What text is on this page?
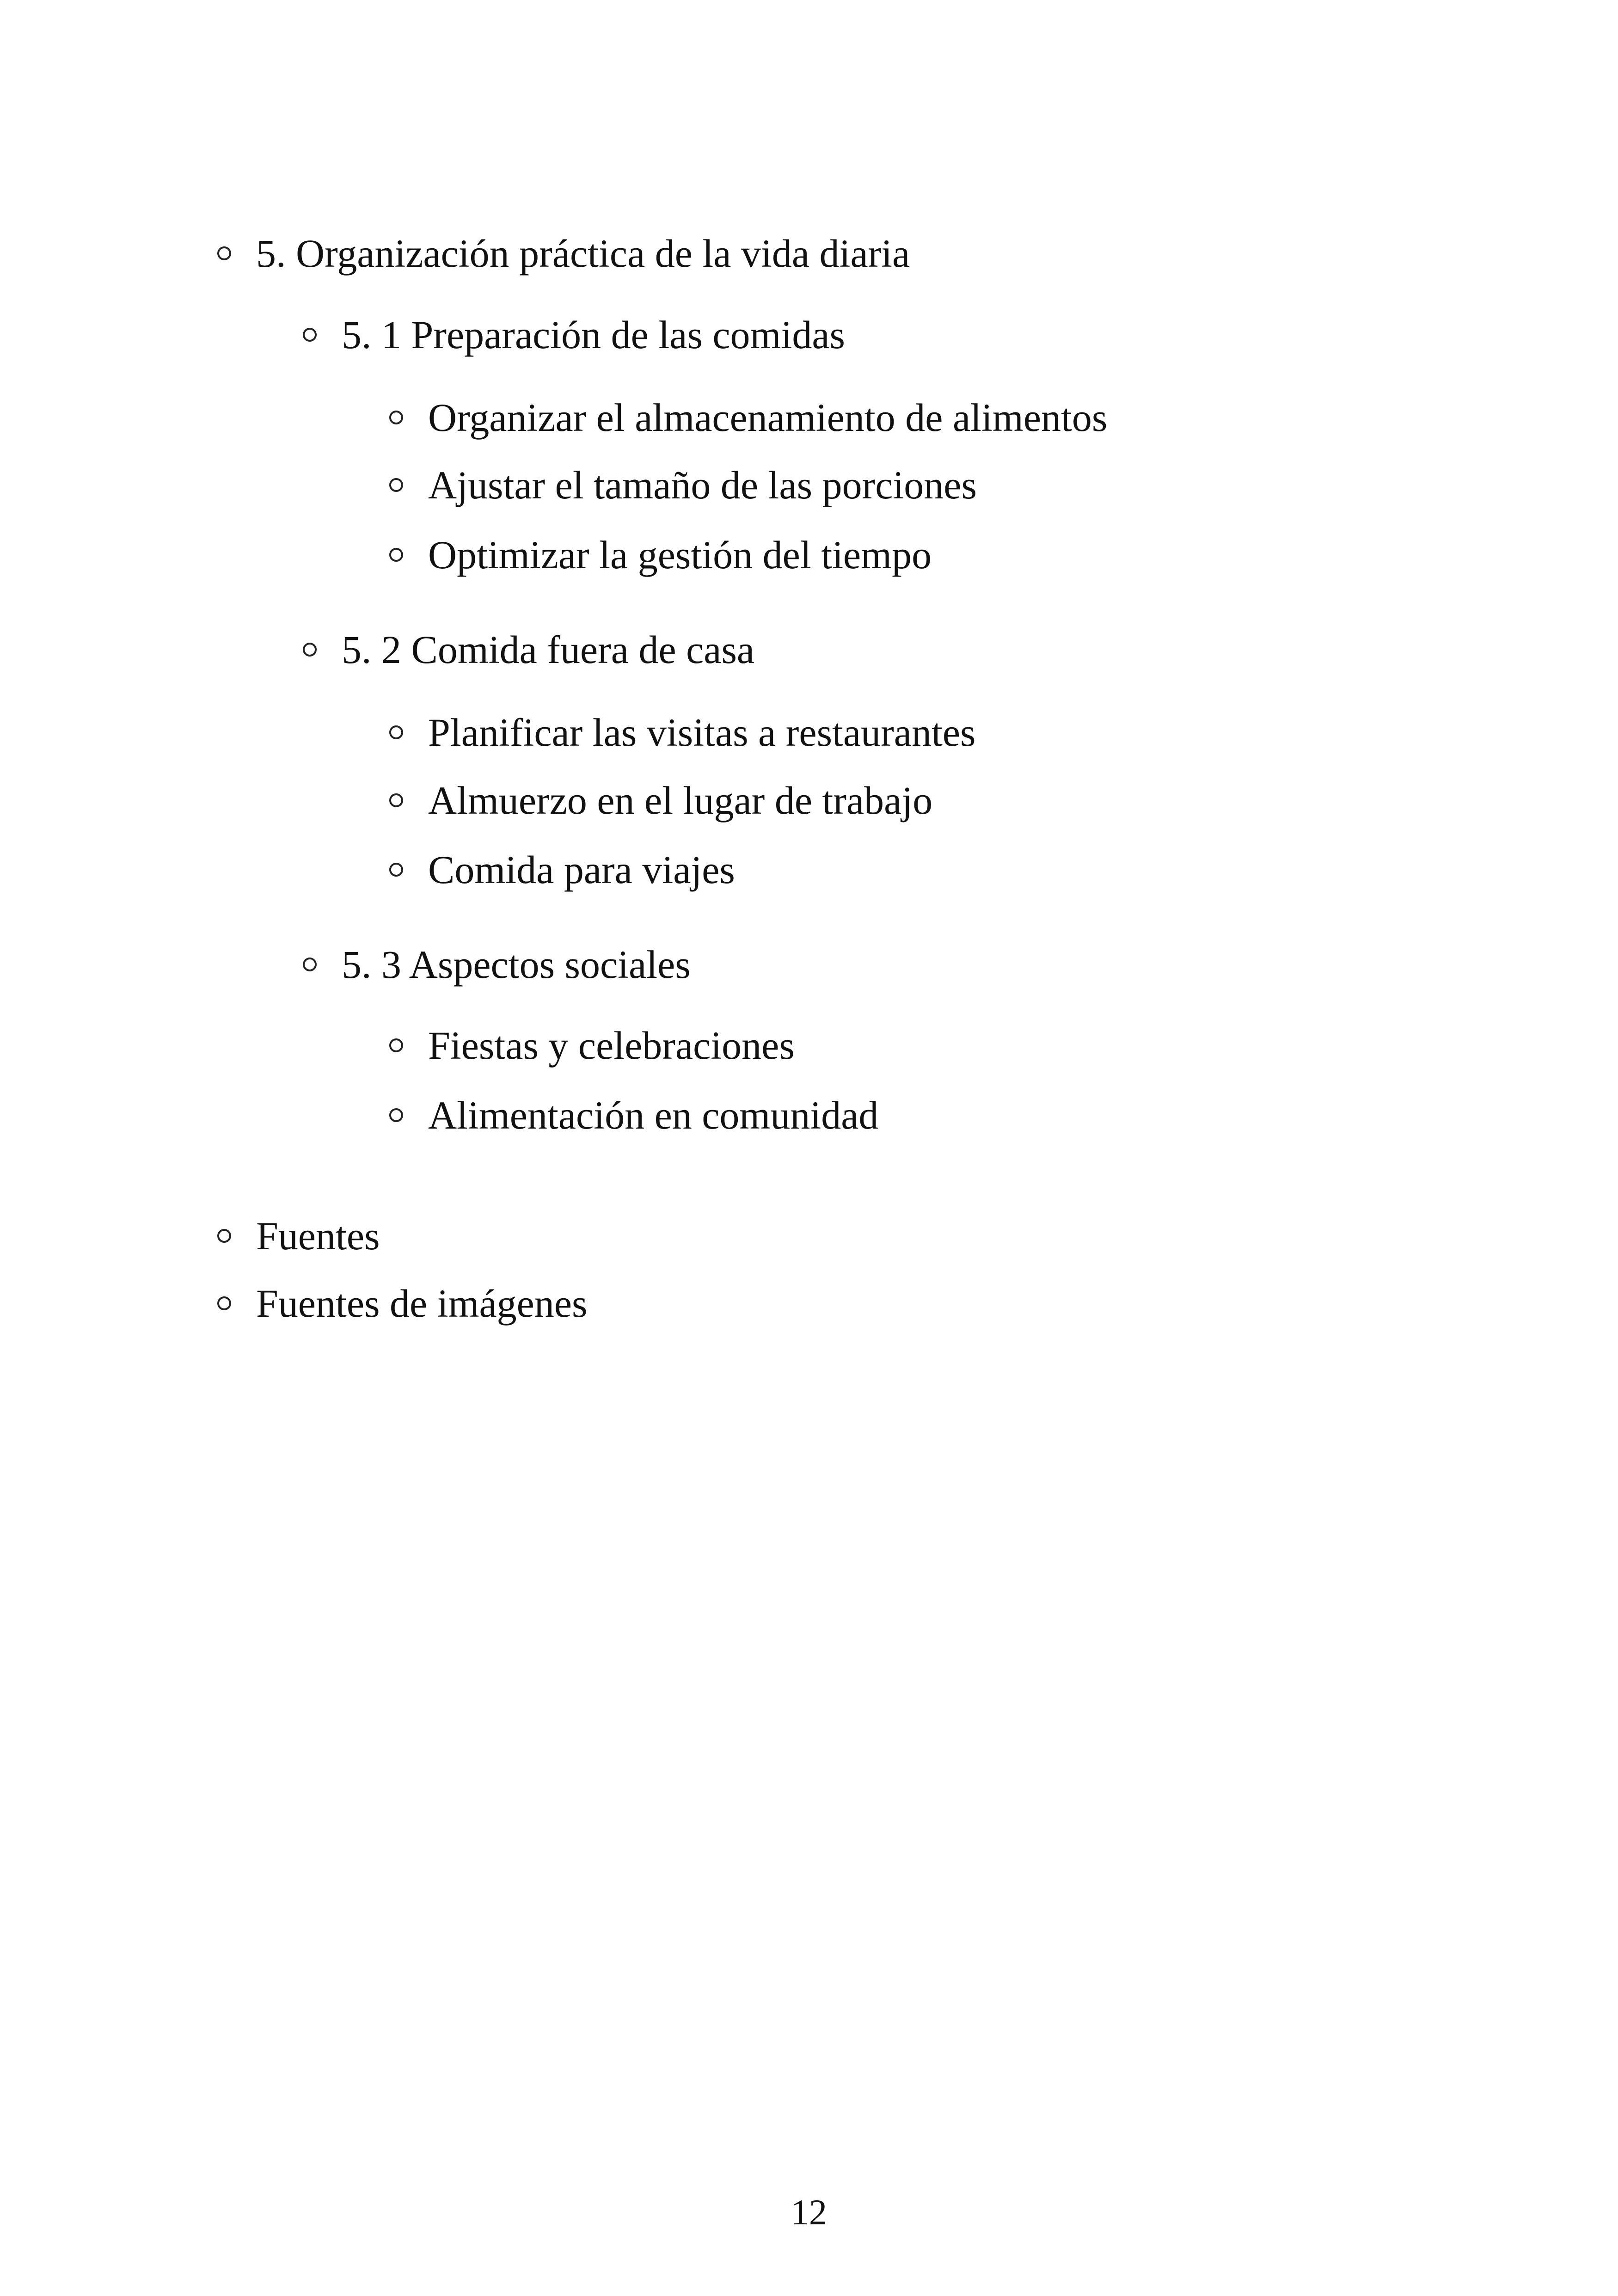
5. Organización práctica de la vida diaria
5. 1 Preparación de las comidas
Organizar el almacenamiento de alimentos
Ajustar el tamaño de las porciones
Optimizar la gestión del tiempo
5. 2 Comida fuera de casa
Planificar las visitas a restaurantes
Almuerzo en el lugar de trabajo
Comida para viajes
5. 3 Aspectos sociales
Fiestas y celebraciones
Alimentación en comunidad
Fuentes
Fuentes de imágenes
12
